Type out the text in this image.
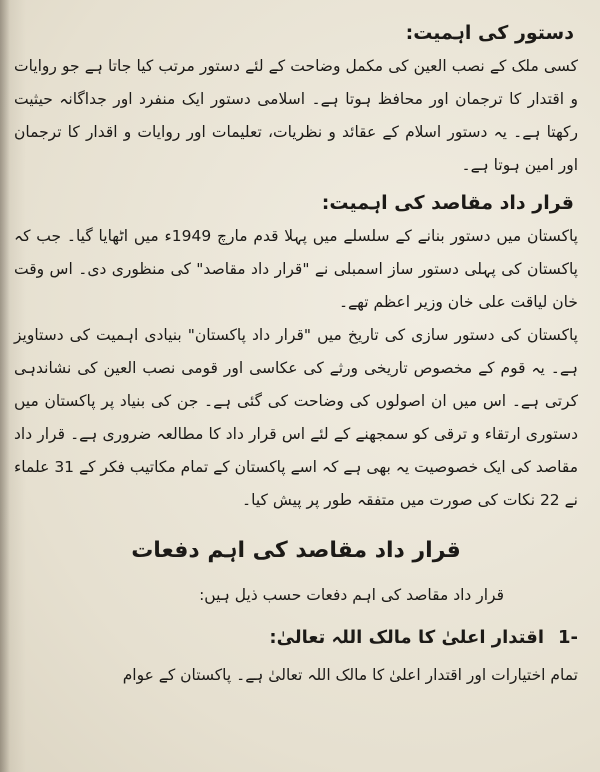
دستور کی اہمیت:

کسی ملک کے نصب العین کی مکمل وضاحت کے لئے دستور مرتب کیا جاتا ہے جو روایات و اقتدار کا ترجمان اور محافظ ہوتا ہے۔ اسلامی دستور ایک منفرد اور جداگانہ حیثیت رکھتا ہے۔ یہ دستور اسلام کے عقائد و نظریات، تعلیمات اور روایات و اقدار کا ترجمان اور امین ہوتا ہے۔

قرار داد مقاصد کی اہمیت:

پاکستان میں دستور بنانے کے سلسلے میں پہلا قدم مارچ 1949ء میں اٹھایا گیا۔ جب کہ پاکستان کی پہلی دستور ساز اسمبلی نے "قرار داد مقاصد" کی منظوری دی۔ اس وقت خان لیاقت علی خان وزیر اعظم تھے۔

پاکستان کی دستور سازی کی تاریخ میں "قرار داد پاکستان" بنیادی اہمیت کی دستاویز ہے۔ یہ قوم کے مخصوص تاریخی ورثے کی عکاسی اور قومی نصب العین کی نشاندہی کرتی ہے۔ اس میں ان اصولوں کی وضاحت کی گئی ہے۔ جن کی بنیاد پر پاکستان میں دستوری ارتقاء و ترقی کو سمجھنے کے لئے اس قرار داد کا مطالعہ ضروری ہے۔ قرار داد مقاصد کی ایک خصوصیت یہ بھی ہے کہ اسے پاکستان کے تمام مکاتیب فکر کے 31 علماء نے 22 نکات کی صورت میں متفقہ طور پر پیش کیا۔

قرار داد مقاصد کی اہم دفعات

قرار داد مقاصد کی اہم دفعات حسب ذیل ہیں:

1-
اقتدار اعلیٰ کا مالک اللہ تعالیٰ:

تمام اختیارات اور اقتدار اعلیٰ کا مالک اللہ تعالیٰ ہے۔ پاکستان کے عوام
